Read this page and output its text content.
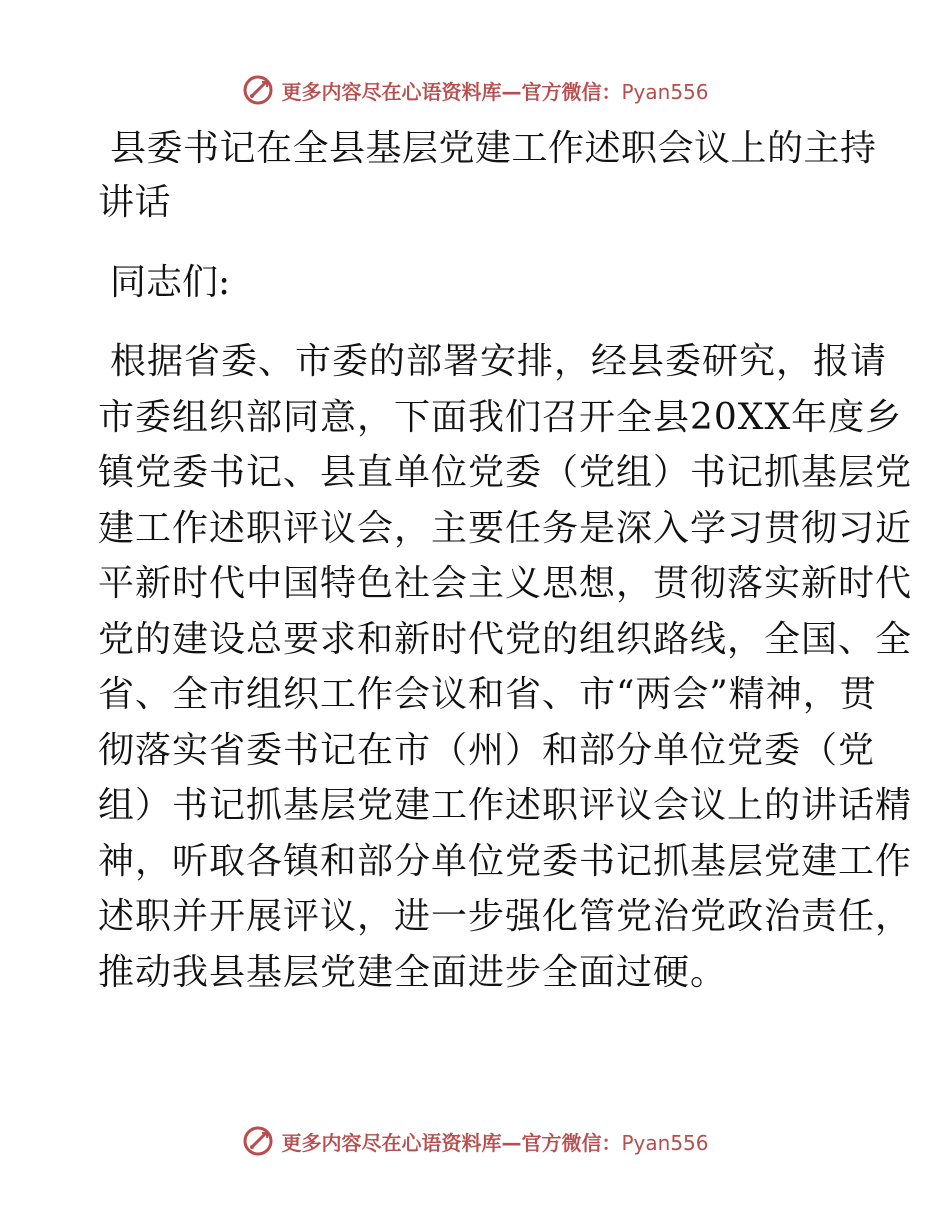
更多内容尽在心语资料库 — 官方微信： Pyan556
县委书记在全县基层党建工作述职会议上的主持
讲话

同志们:

根据省委、市委的部署安排，经县委研究，报请
市委组织部同意，下面我们召开全县20XX年度乡
镇党委书记、县直单位党委（党组）书记抓基层党
建工作述职评议会，主要任务是深入学习贯彻习近
平新时代中国特色社会主义思想，贯彻落实新时代
党的建设总要求和新时代党的组织路线，全国、全
省、全市组织工作会议和省、市“两会”精神，贯
彻落实省委书记在市（州）和部分单位党委（党
组）书记抓基层党建工作述职评议会议上的讲话精
神，听取各镇和部分单位党委书记抓基层党建工作
述职并开展评议，进一步强化管党治党政治责任，
推动我县基层党建全面进步全面过硬。

更多内容尽在心语资料库 — 官方微信： Pyan556
